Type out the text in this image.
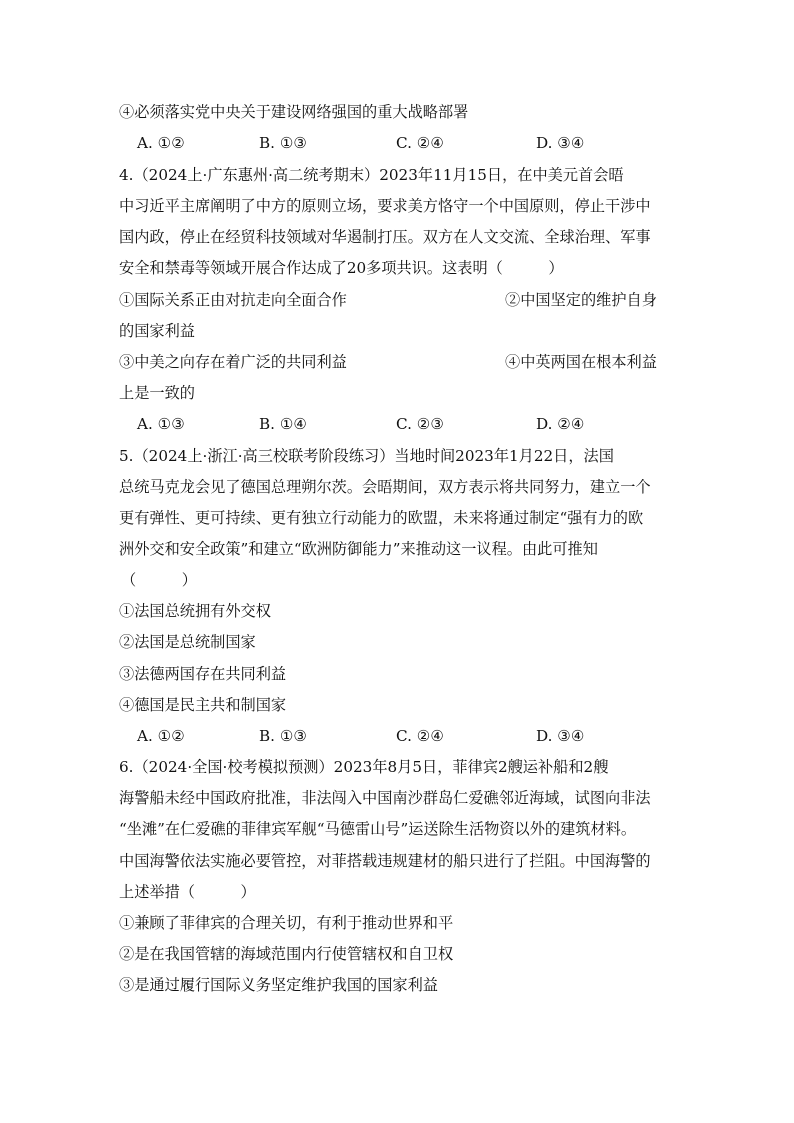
④必须落实党中央关于建设网络强国的重大战略部署
A. ①②	B. ①③	C. ②④	D. ③④
4.（2024上·广东惠州·高二统考期末）2023年11月15日，在中美元首会晤
中习近平主席阐明了中方的原则立场，要求美方恪守一个中国原则，停止干涉中
国内政，停止在经贸科技领域对华遏制打压。双方在人文交流、全球治理、军事
安全和禁毒等领域开展合作达成了20多项共识。这表明（　　　）
①国际关系正由对抗走向全面合作	②中国坚定的维护自身
的国家利益
③中美之向存在着广泛的共同利益	④中英两国在根本利益
上是一致的
A. ①③	B. ①④	C. ②③	D. ②④
5.（2024上·浙江·高三校联考阶段练习）当地时间2023年1月22日，法国
总统马克龙会见了德国总理朔尔茨。会晤期间，双方表示将共同努力，建立一个
更有弹性、更可持续、更有独立行动能力的欧盟，未来将通过制定“强有力的欧
洲外交和安全政策”和建立“欧洲防御能力”来推动这一议程。由此可推知
（　　　）
①法国总统拥有外交权
②法国是总统制国家
③法德两国存在共同利益
④德国是民主共和制国家
A. ①②	B. ①③	C. ②④	D. ③④
6.（2024·全国·校考模拟预测）2023年8月5日，菲律宾2艘运补船和2艘
海警船未经中国政府批准，非法闯入中国南沙群岛仁爱礁邻近海域，试图向非法
“坐滩”在仁爱礁的菲律宾军舰“马德雷山号”运送除生活物资以外的建筑材料。
中国海警依法实施必要管控，对菲搭载违规建材的船只进行了拦阻。中国海警的
上述举措（　　　）
①兼顾了菲律宾的合理关切，有利于推动世界和平
②是在我国管辖的海域范围内行使管辖权和自卫权
③是通过履行国际义务坚定维护我国的国家利益
